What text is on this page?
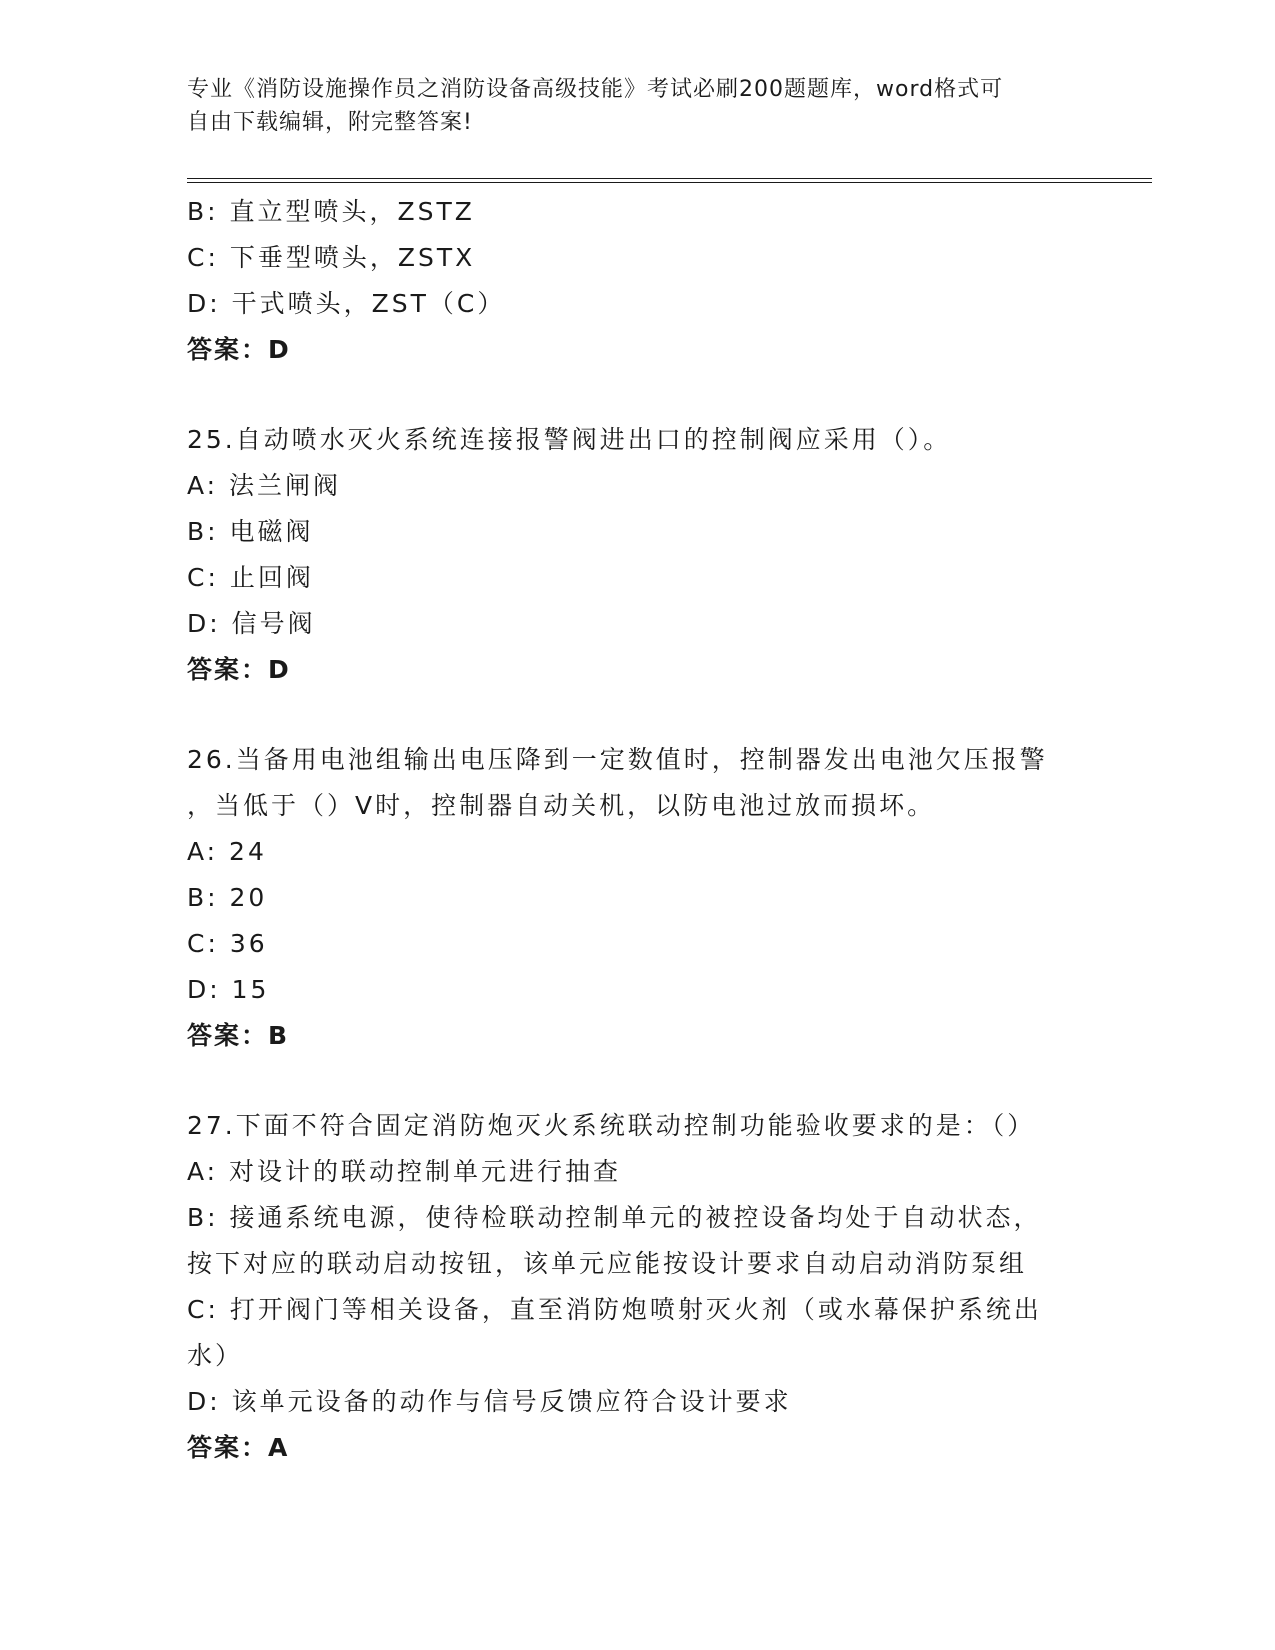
专业《消防设施操作员之消防设备高级技能》考试必刷200题题库，word格式可
自由下载编辑，附完整答案!
B: 直立型喷头，ZSTZ
C: 下垂型喷头，ZSTX
D: 干式喷头，ZST（C）
答案：D
25.自动喷水灭火系统连接报警阀进出口的控制阀应采用（）。
A: 法兰闸阀
B: 电磁阀
C: 止回阀
D: 信号阀
答案：D
26.当备用电池组输出电压降到一定数值时，控制器发出电池欠压报警
，当低于（）V时，控制器自动关机，以防电池过放而损坏。
A: 24
B: 20
C: 36
D: 15
答案：B
27.下面不符合固定消防炮灭火系统联动控制功能验收要求的是：（）
A: 对设计的联动控制单元进行抽查
B: 接通系统电源，使待检联动控制单元的被控设备均处于自动状态，
按下对应的联动启动按钮，该单元应能按设计要求自动启动消防泵组
C: 打开阀门等相关设备，直至消防炮喷射灭火剂（或水幕保护系统出
水）
D: 该单元设备的动作与信号反馈应符合设计要求
答案：A
